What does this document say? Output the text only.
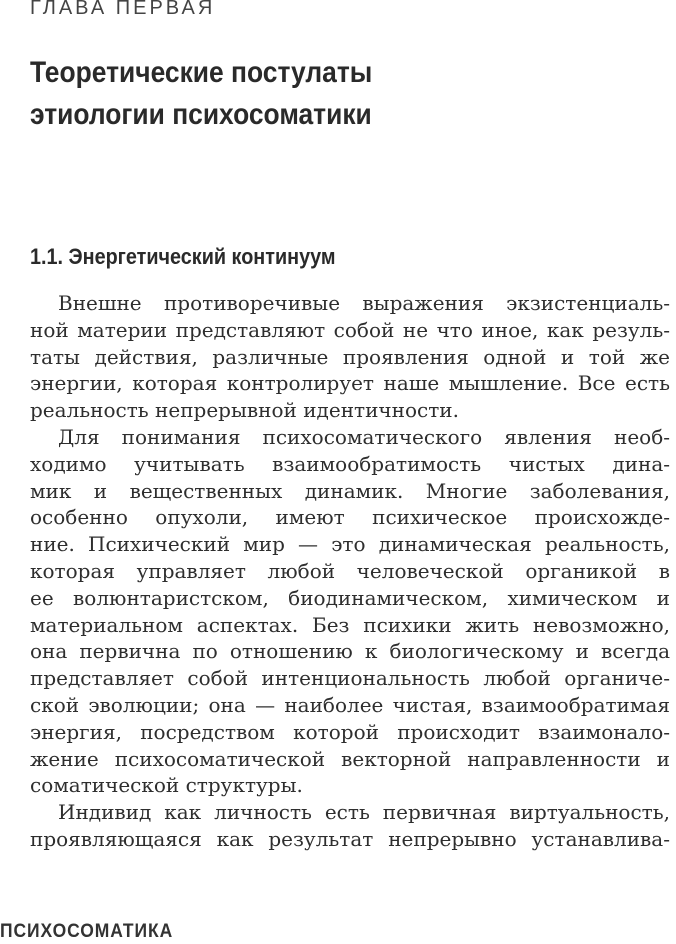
ГЛАВА ПЕРВАЯ
Теоретические постулаты
этиологии психосоматики
1.1. Энергетический континуум
Внешне противоречивые выражения экзистенциаль-
ной материи представляют собой не что иное, как резуль-
таты действия, различные проявления одной и той же
энергии, которая контролирует наше мышление. Все есть
реальность непрерывной идентичности.
Для понимания психосоматического явления необ-
ходимо учитывать взаимообратимость чистых дина-
мик и вещественных динамик. Многие заболевания,
особенно опухоли, имеют психическое происхожде-
ние. Психический мир — это динамическая реальность,
которая управляет любой человеческой органикой в
ее волюнтаристском, биодинамическом, химическом и
материальном аспектах. Без психики жить невозможно,
она первична по отношению к биологическому и всегда
представляет собой интенциональность любой органиче-
ской эволюции; она — наиболее чистая, взаимообратимая
энергия, посредством которой происходит взаимонало-
жение психосоматической векторной направленности и
соматической структуры.
Индивид как личность есть первичная виртуальность,
проявляющаяся как результат непрерывно устанавлива-
ПСИХОСОМАТИКА
